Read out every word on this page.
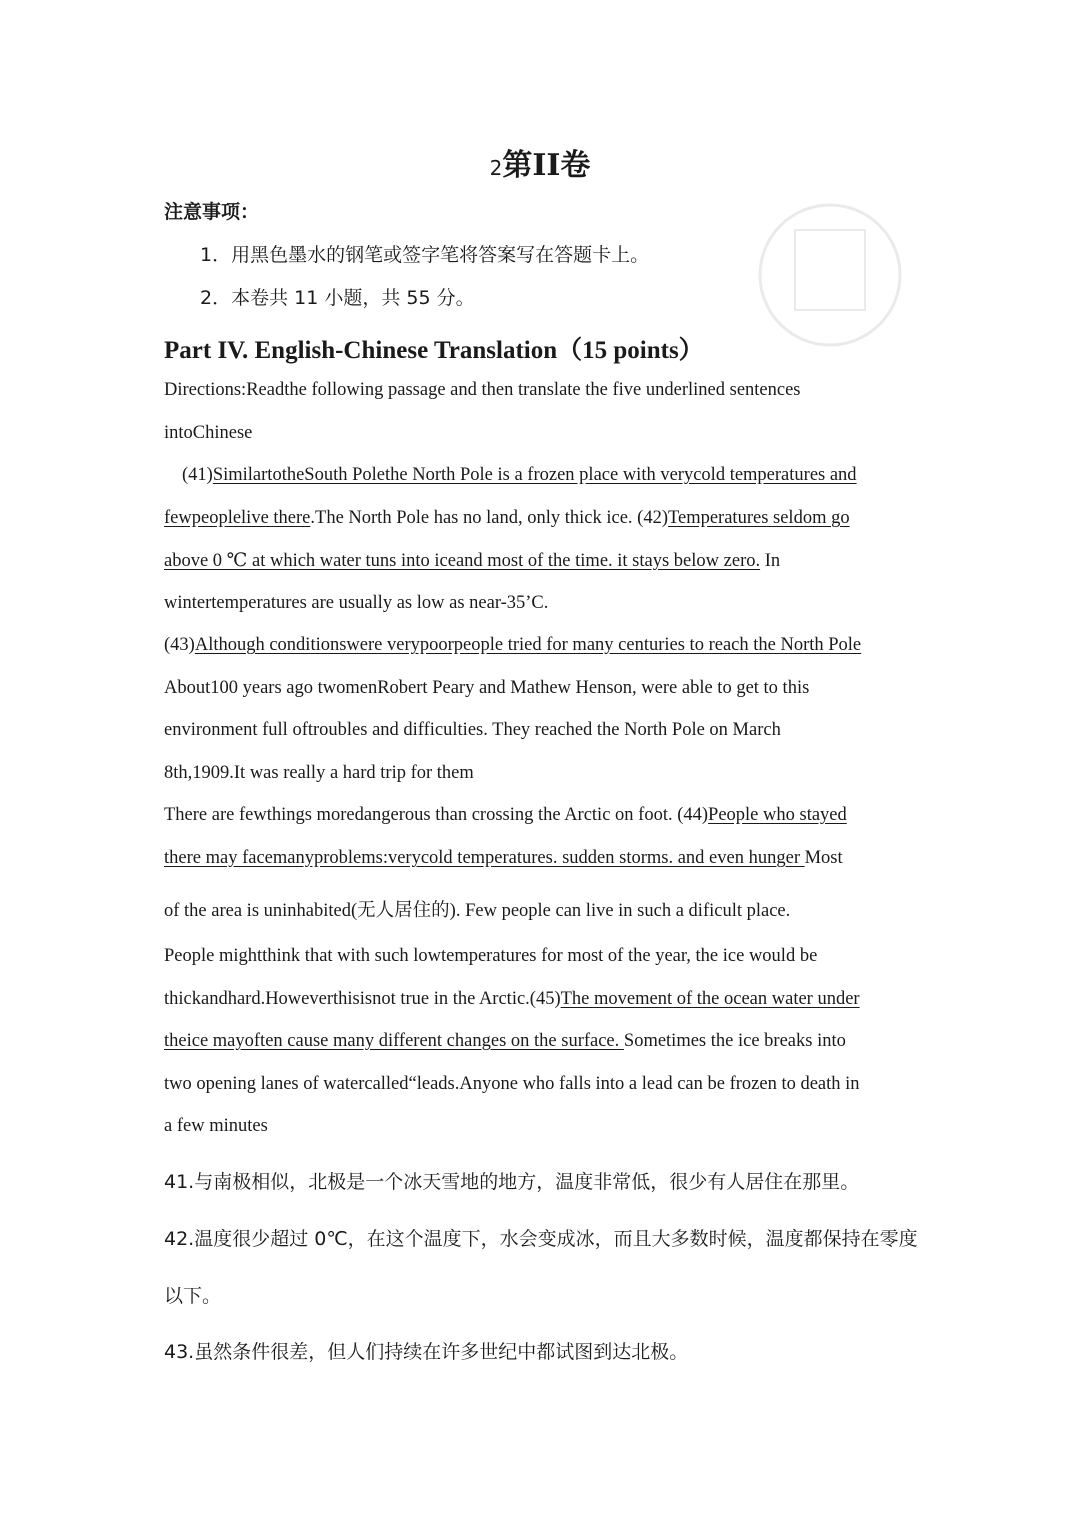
2第II卷
注意事项：
1．用黑色墨水的钢笔或签字笔将答案写在答题卡上。
2．本卷共 11 小题，共 55 分。
Part IV. English-Chinese Translation（15 points）
Directions:Readthe following passage and then translate the five underlined sentences
intoChinese
(41)SimilartotheSouth Polethe North Pole is a frozen place with verycold temperatures and
fewpeoplelive there.The North Pole has no land, only thick ice. (42)Temperatures seldom go
above 0 ℃ at which water tuns into iceand most of the time. it stays below zero. In
wintertemperatures are usually as low as near-35’C.
(43)Although conditionswere verypoorpeople tried for many centuries to reach the North Pole
About100 years ago twomenRobert Peary and Mathew Henson, were able to get to this
environment full oftroubles and difficulties. They reached the North Pole on March
8th,1909.It was really a hard trip for them
There are fewthings moredangerous than crossing the Arctic on foot. (44)People who stayed
there may facemanyproblems:verycold temperatures. sudden storms. and even hunger Most
of the area is uninhabited(无人居住的). Few people can live in such a dificult place.
People mightthink that with such lowtemperatures for most of the year, the ice would be
thickandhard.Howeverthisisnot true in the Arctic.(45)The movement of the ocean water under
theice mayoften cause many different changes on the surface. Sometimes the ice breaks into
two opening lanes of watercalled“leads.Anyone who falls into a lead can be frozen to death in
a few minutes
41.与南极相似，北极是一个冰天雪地的地方，温度非常低，很少有人居住在那里。
42.温度很少超过 0℃，在这个温度下，水会变成冰，而且大多数时候，温度都保持在零度
以下。
43.虽然条件很差，但人们持续在许多世纪中都试图到达北极。
